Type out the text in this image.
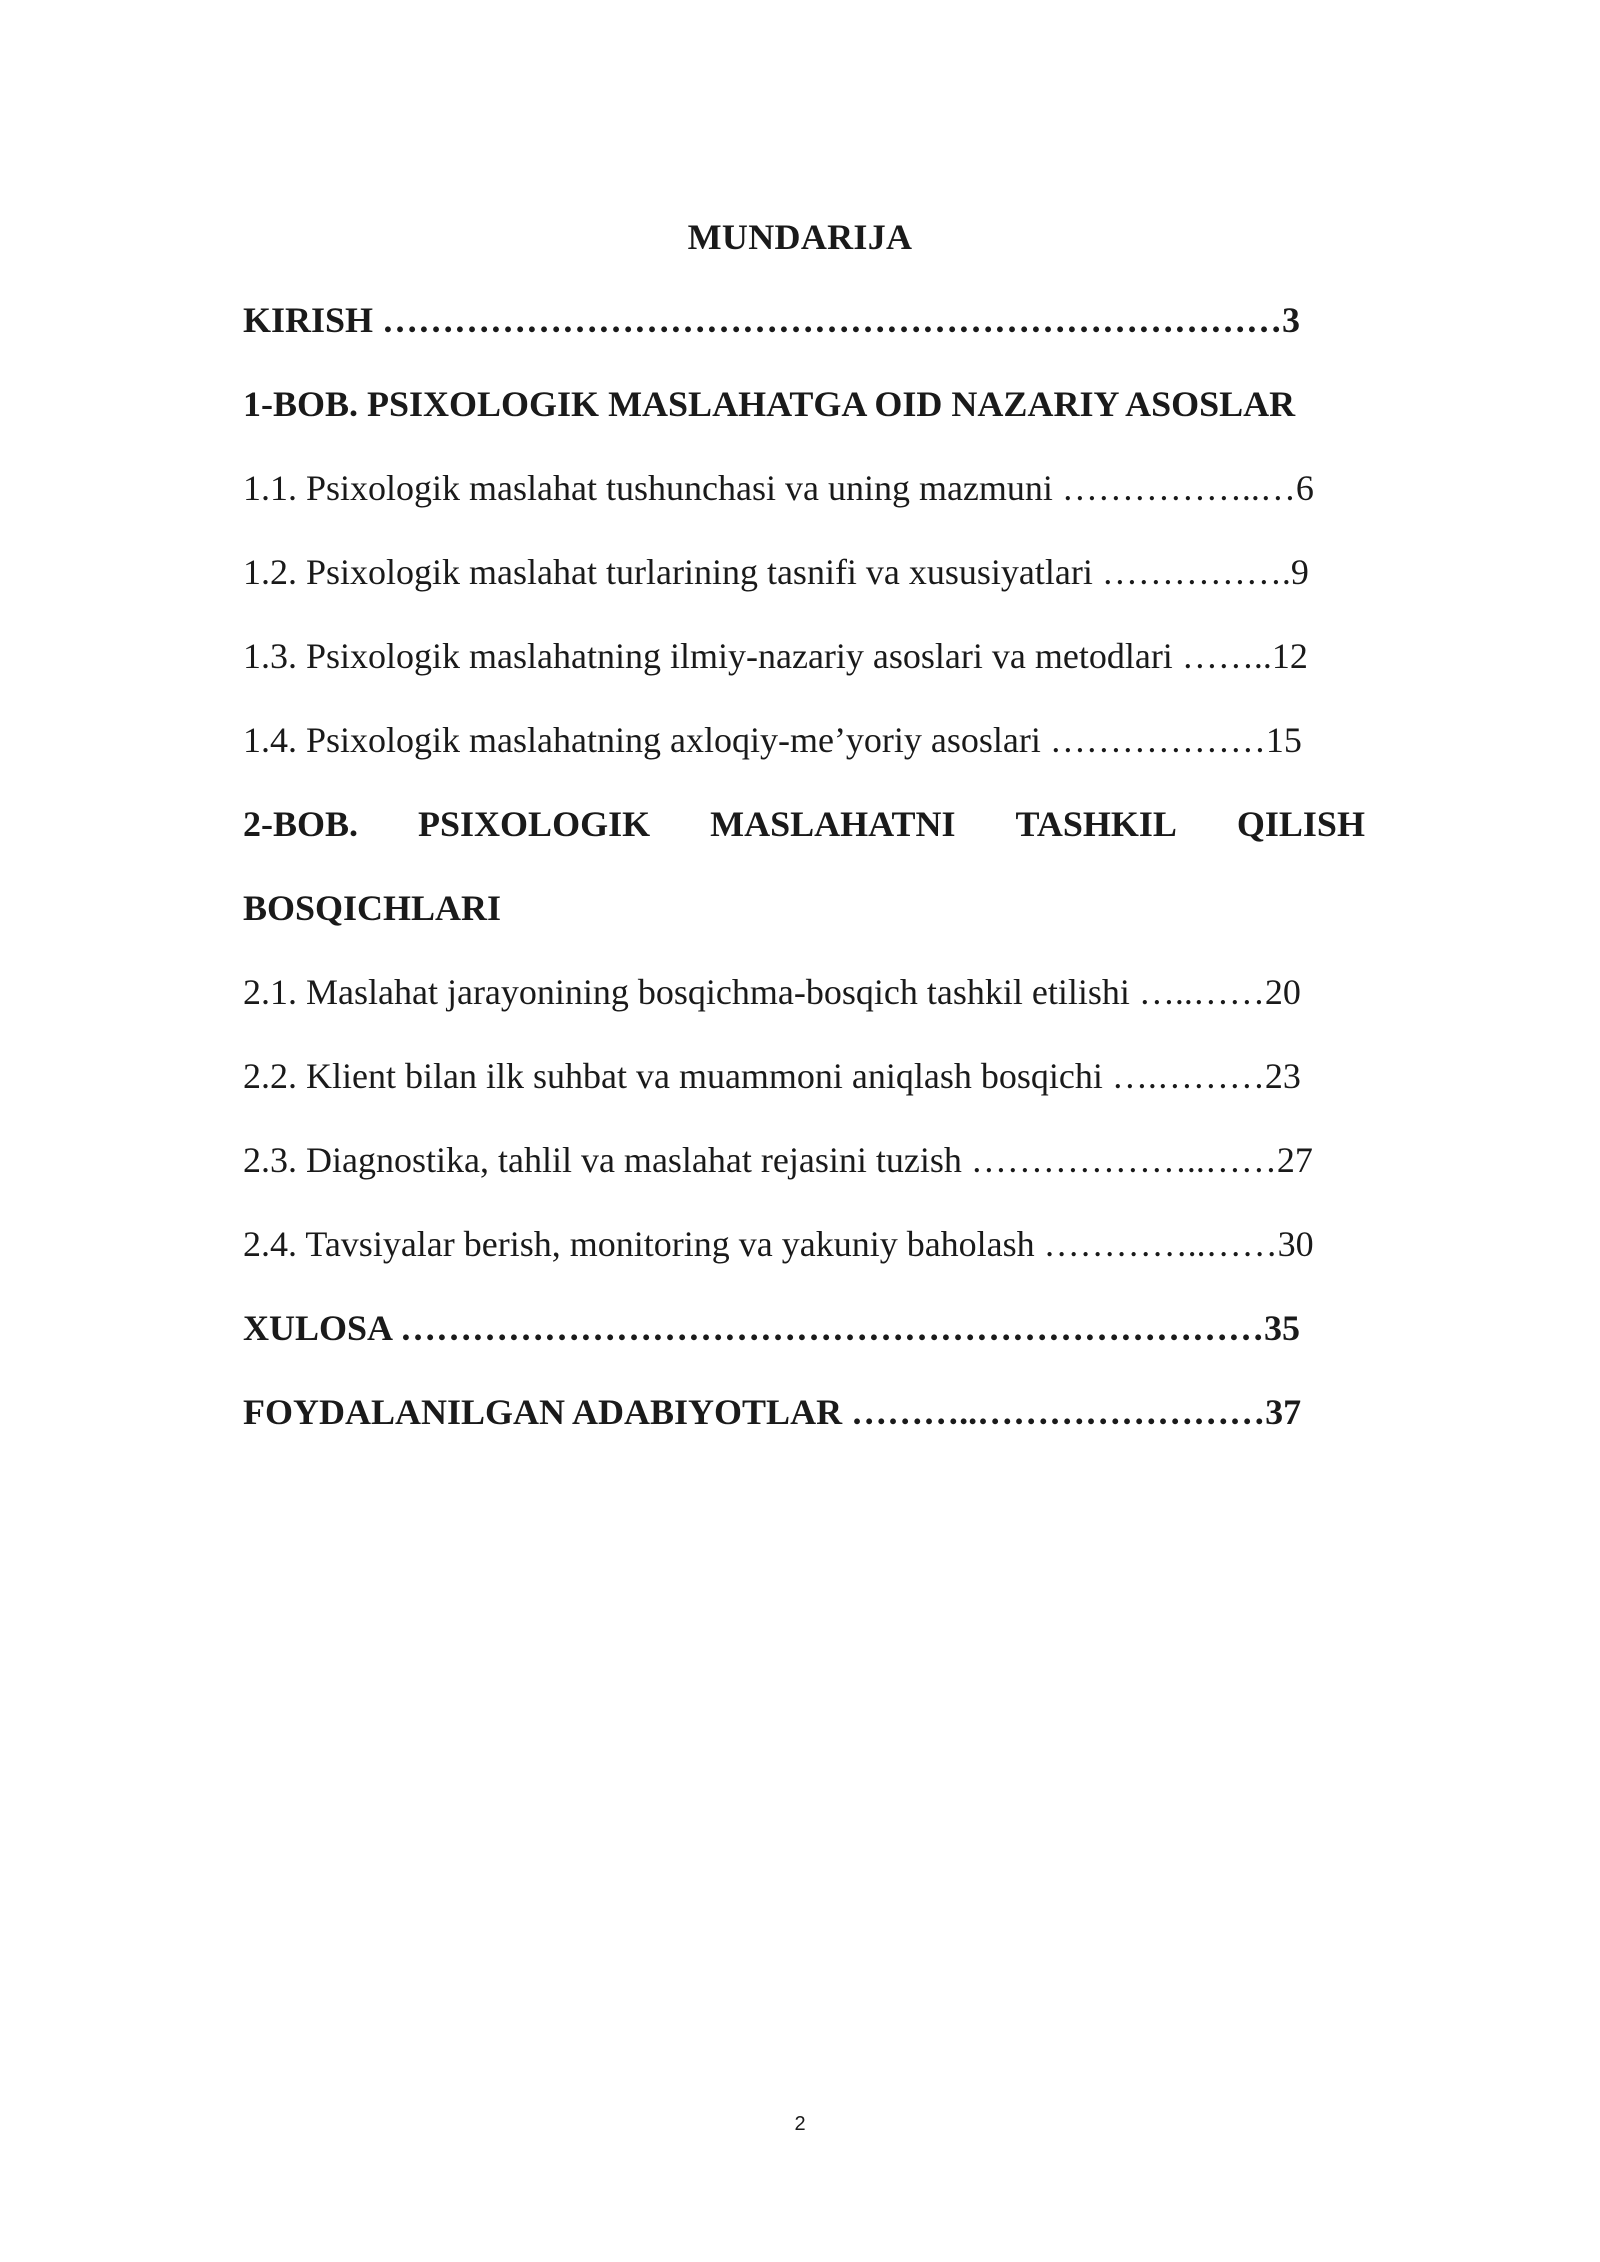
MUNDARIJA
KIRISH …………………………………………………………………3
1-BOB. PSIXOLOGIK MASLAHATGA OID NAZARIY ASOSLAR
1.1. Psixologik maslahat tushunchasi va uning mazmuni ……………..…6
1.2. Psixologik maslahat turlarining tasnifi va xususiyatlari …………….9
1.3. Psixologik maslahatning ilmiy-nazariy asoslari va metodlari ……..12
1.4. Psixologik maslahatning axloqiy-me’yoriy asoslari ………………15
2-BOB. PSIXOLOGIK MASLAHATNI TASHKIL QILISH
BOSQICHLARI
2.1. Maslahat jarayonining bosqichma-bosqich tashkil etilishi …..……20
2.2. Klient bilan ilk suhbat va muammoni aniqlash bosqichi ….………23
2.3. Diagnostika, tahlil va maslahat rejasini tuzish ………………..……27
2.4. Tavsiyalar berish, monitoring va yakuniy baholash …………..……30
XULOSA ………………………………………………………………35
FOYDALANILGAN ADABIYOTLAR ………..……………………37
2
